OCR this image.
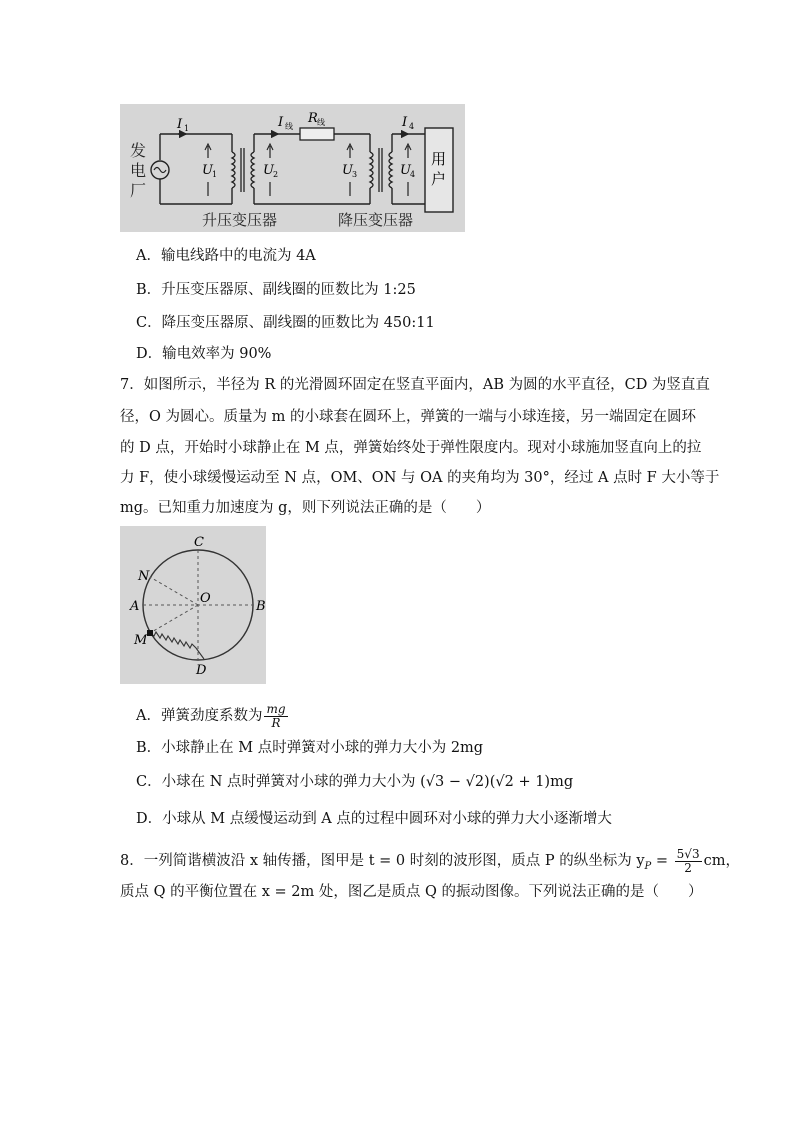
发
电
厂
I 1
U 1
I 线
R 线
U 2	U 3
I 4
U 4
用
户
升压变压器	降压变压器
A．输电线路中的电流为 4A
B．升压变压器原、副线圈的匝数比为 1:25
C．降压变压器原、副线圈的匝数比为 450:11
D．输电效率为 90%
7．如图所示，半径为 R 的光滑圆环固定在竖直平面内，AB 为圆的水平直径，CD 为竖直直
径，O 为圆心。质量为 m 的小球套在圆环上，弹簧的一端与小球连接，另一端固定在圆环
的 D 点，开始时小球静止在 M 点，弹簧始终处于弹性限度内。现对小球施加竖直向上的拉
力 F，使小球缓慢运动至 N 点，OM、ON 与 OA 的夹角均为 30°，经过 A 点时 F 大小等于
mg。已知重力加速度为 g，则下列说法正确的是（　　）
C
D
A	B
O
N
M
A．弹簧劲度系数为 $\frac{mg}{R}$
B．小球静止在 M 点时弹簧对小球的弹力大小为 2mg
C．小球在 N 点时弹簧对小球的弹力大小为 (√3 − √2)(√2 + 1)mg
D．小球从 M 点缓慢运动到 A 点的过程中圆环对小球的弹力大小逐渐增大
8．一列简谐横波沿 x 轴传播，图甲是 t = 0 时刻的波形图，质点 P 的纵坐标为 $y_P = \frac{5√3}{2}$ cm，
质点 Q 的平衡位置在 x = 2m 处，图乙是质点 Q 的振动图像。下列说法正确的是（　　）
